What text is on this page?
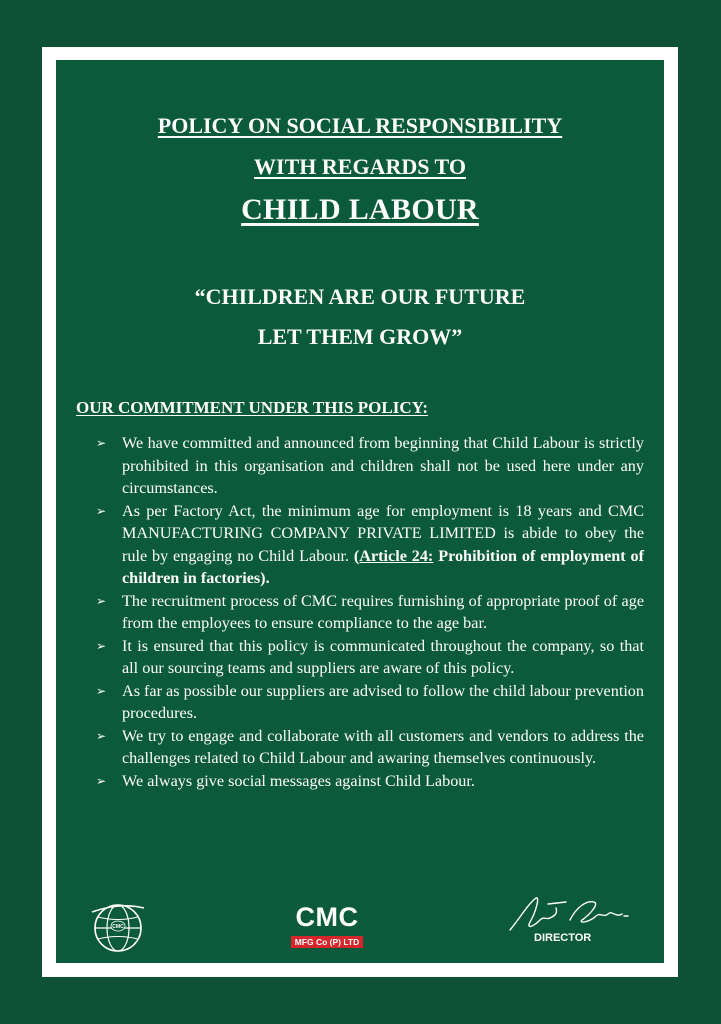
POLICY ON SOCIAL RESPONSIBILITY
WITH REGARDS TO
CHILD LABOUR
“CHILDREN ARE OUR FUTURE
LET THEM GROW”
OUR COMMITMENT UNDER THIS POLICY:
➢ We have committed and announced from beginning that Child Labour is strictly prohibited in this organisation and children shall not be used here under any circumstances.
➢ As per Factory Act, the minimum age for employment is 18 years and CMC MANUFACTURING COMPANY PRIVATE LIMITED is abide to obey the rule by engaging no Child Labour. (Article 24: Prohibition of employment of children in factories).
➢ The recruitment process of CMC requires furnishing of appropriate proof of age from the employees to ensure compliance to the age bar.
➢ It is ensured that this policy is communicated throughout the company, so that all our sourcing teams and suppliers are aware of this policy.
➢ As far as possible our suppliers are advised to follow the child labour prevention procedures.
➢ We try to engage and collaborate with all customers and vendors to address the challenges related to Child Labour and awaring themselves continuously.
➢ We always give social messages against Child Labour.
CMC	CMC
MFG Co (P) LTD	DIRECTOR
